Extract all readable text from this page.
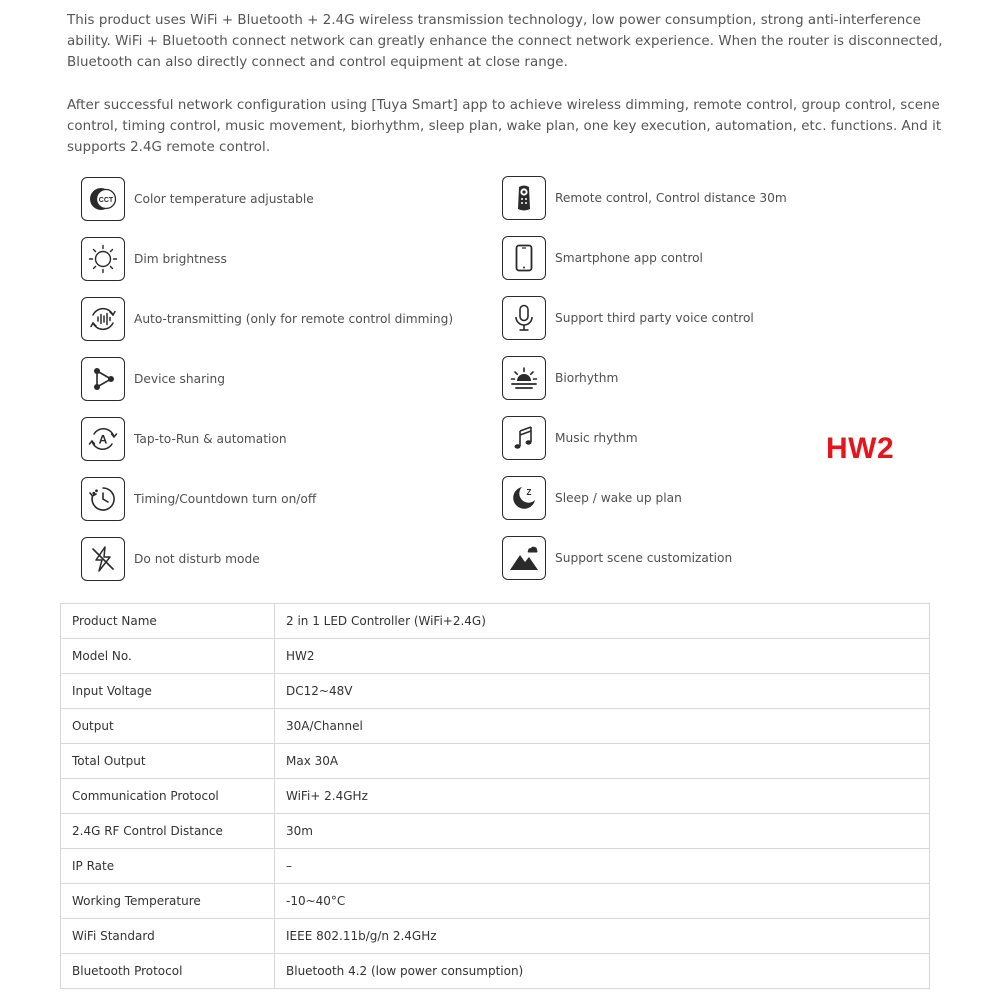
This product uses WiFi + Bluetooth + 2.4G wireless transmission technology, low power consumption, strong anti-interference ability. WiFi + Bluetooth connect network can greatly enhance the connect network experience. When the router is disconnected, Bluetooth can also directly connect and control equipment at close range.

After successful network configuration using [Tuya Smart] app to achieve wireless dimming, remote control, group control, scene control, timing control, music movement, biorhythm, sleep plan, wake plan, one key execution, automation, etc. functions. And it supports 2.4G remote control.

CCT Color temperature adjustable
Dim brightness
Auto-transmitting (only for remote control dimming)
Device sharing
A Tap-to-Run & automation
Timing/Countdown turn on/off
Do not disturb mode
Remote control, Control distance 30m
Smartphone app control
Support third party voice control
Biorhythm
Music rhythm
Z Sleep / wake up plan
Support scene customization
HW2
Product Name	2 in 1 LED Controller (WiFi+2.4G)
Model No.	HW2
Input Voltage	DC12~48V
Output	30A/Channel
Total Output	Max 30A
Communication Protocol	WiFi+ 2.4GHz
2.4G RF Control Distance	30m
IP Rate	–
Working Temperature	-10~40°C
WiFi Standard	IEEE 802.11b/g/n 2.4GHz
Bluetooth Protocol	Bluetooth 4.2 (low power consumption)
